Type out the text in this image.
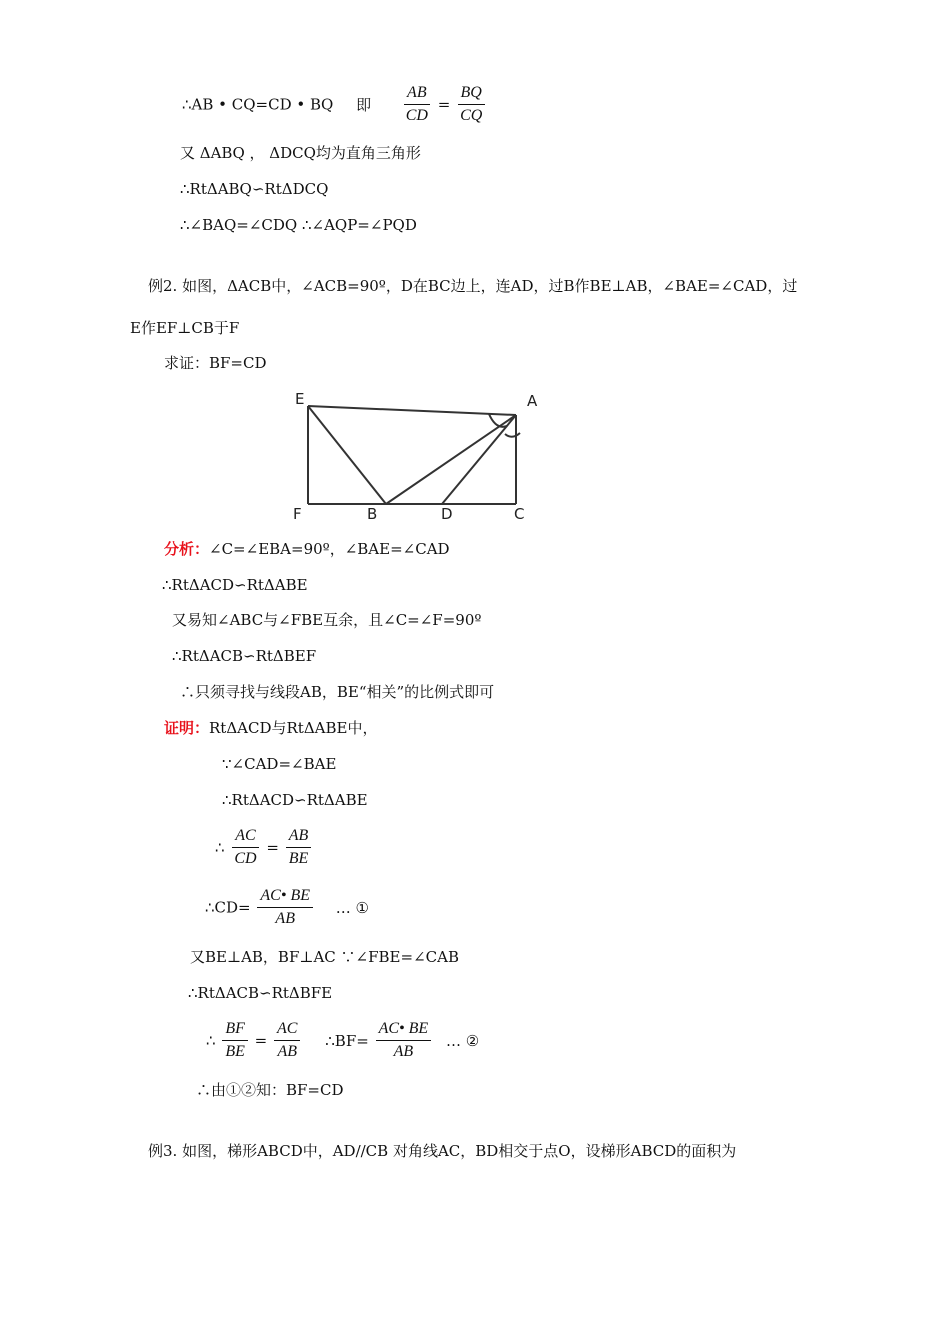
∴AB • CQ=CD • BQ 即 $\frac{AB}{CD} = \frac{BQ}{CQ}$
又 ΔABQ ， ΔDCQ均为直角三角形
∴RtΔABQ∽RtΔDCQ
∴∠BAQ=∠CDQ ∴∠AQP=∠PQD
例2. 如图，ΔACB中，∠ACB=90º，D在BC边上，连AD，过B作BE⊥AB，∠BAE=∠CAD，过
E作EF⊥CB于F
求证：BF=CD
E	A
F	B	D	C
分析：∠C=∠EBA=90º，∠BAE=∠CAD
∴RtΔACD∽RtΔABE
又易知∠ABC与∠FBE互余，且∠C=∠F=90º
∴RtΔACB∽RtΔBEF
∴只须寻找与线段AB，BE“相关”的比例式即可
证明：RtΔACD与RtΔABE中，
∵∠CAD=∠BAE
∴RtΔACD∽RtΔABE
∴ $\frac{AC}{CD} = \frac{AB}{BE}$
∴CD= $\frac{AC• BE}{AB}$ … ①
又BE⊥AB，BF⊥AC ∵∠FBE=∠CAB
∴RtΔACB∽RtΔBFE
∴ $\frac{BF}{BE} = \frac{AC}{AB}$ ∴BF= $\frac{AC• BE}{AB}$ … ②
∴由①②知：BF=CD
例3. 如图，梯形ABCD中，AD//CB 对角线AC，BD相交于点O，设梯形ABCD的面积为
